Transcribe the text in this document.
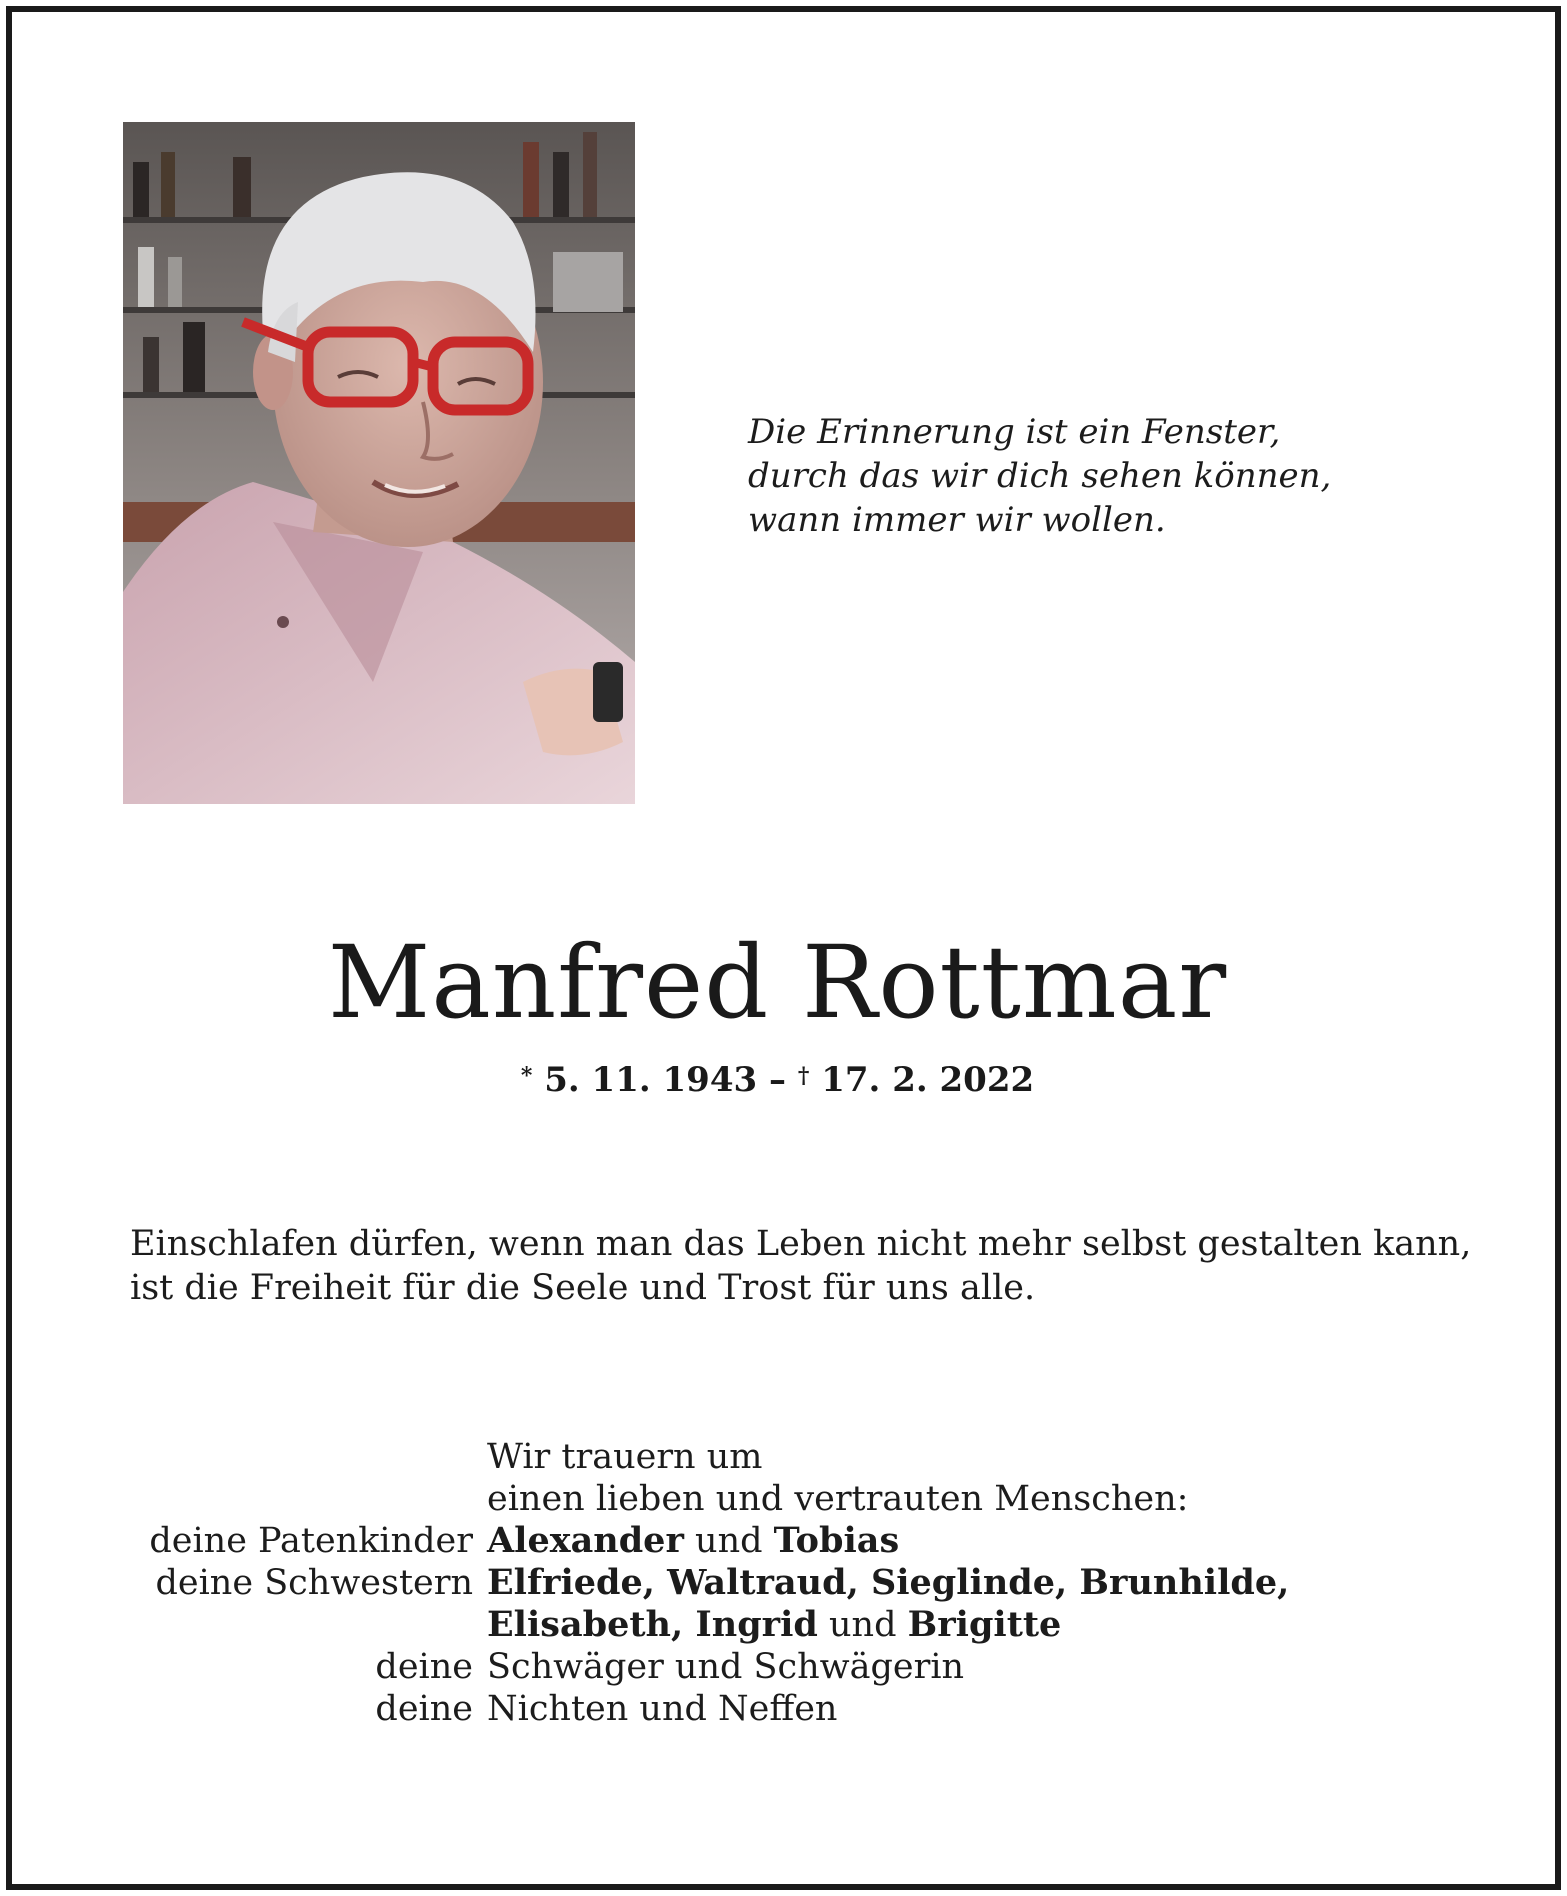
Die Erinnerung ist ein Fenster,
durch das wir dich sehen können,
wann immer wir wollen.
Manfred Rottmar
* 5. 11. 1943 – † 17. 2. 2022
Einschlafen dürfen, wenn man das Leben nicht mehr selbst gestalten kann,
ist die Freiheit für die Seele und Trost für uns alle.
Wir trauern um
einen lieben und vertrauten Menschen:
deine Patenkinder Alexander und Tobias
deine Schwestern Elfriede, Waltraud, Sieglinde, Brunhilde,
Elisabeth, Ingrid und Brigitte
deine Schwäger und Schwägerin
deine Nichten und Neffen
